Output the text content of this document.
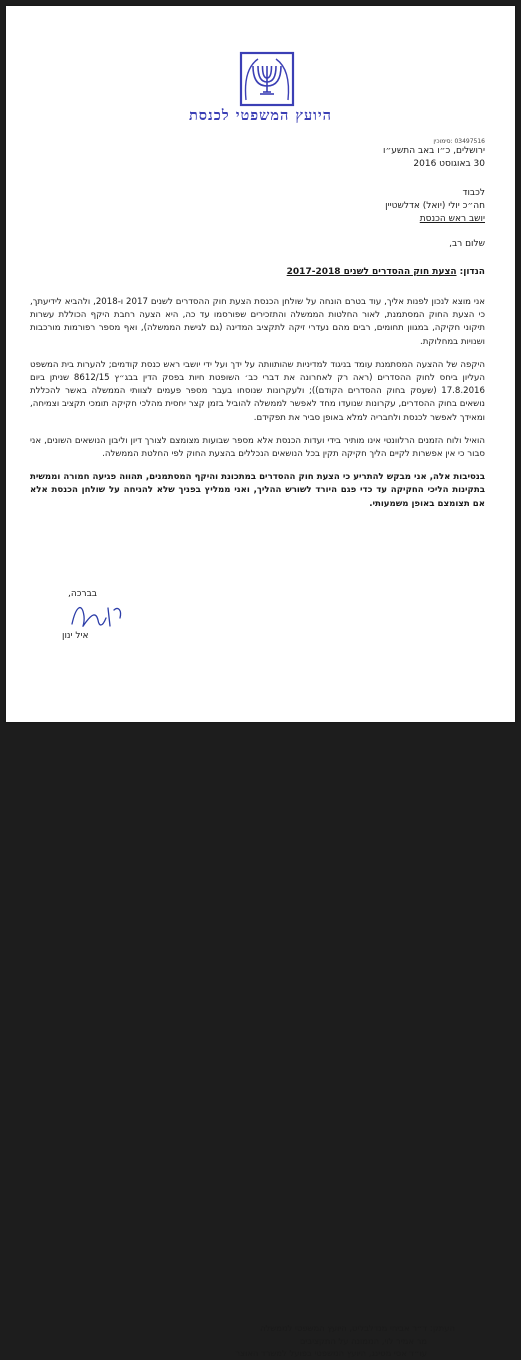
היועץ המשפטי לכנסת
03497516 :סימוכין
ירושלים, כ״ו באב התשע״ו
30 באוגוסט 2016
לכבוד
חה״כ יולי (יואל) אדלשטיין
יושב ראש הכנסת
שלום רב,
הנדון: הצעת חוק ההסדרים לשנים 2017-2018

אני מוצא לנכון לפנות אליך, עוד בטרם הונחה על שולחן הכנסת הצעת חוק ההסדרים לשנים 2017 ו-2018, ולהביא לידיעתך, כי הצעת החוק המסתמנת, לאור החלטות הממשלה והתזכירים שפורסמו עד כה, היא הצעה רחבת היקף הכוללת עשרות תיקוני חקיקה, במגוון תחומים, רבים מהם נעדרי זיקה לתקציב המדינה (גם לגישת הממשלה), ואף מספר רפורמות מורכבות ושנויות במחלוקת.

היקפה של ההצעה המסתמנת עומד בניגוד למדיניות שהותוותה על ידך ועל ידי יושבי ראש כנסת קודמים; להערות בית המשפט העליון ביחס לחוק ההסדרים (ראה רק לאחרונה את דברי כב׳ השופטת חיות בפסק הדין בבג״ץ 8612/15 שניתן ביום 17.8.2016 (שעסק בחוק ההסדרים הקודם)); ולעקרונות שנוסחו בעבר מספר פעמים לצוותי הממשלה באשר להכללת נושאים בחוק ההסדרים, עקרונות שנועדו מחד לאפשר לממשלה להוביל בזמן קצר יחסית מהלכי חקיקה תומכי תקציב וצמיחה, ומאידך לאפשר לכנסת ולחבריה למלא באופן סביר את תפקידם.

הואיל ולוח הזמנים הרלוונטי אינו מותיר בידי ועדות הכנסת אלא מספר שבועות מצומצם לצורך דיון וליבון הנושאים השונים, אני סבור כי אין אפשרות לקיים הליך חקיקה תקין בכל הנושאים הנכללים בהצעת החוק לפי החלטת הממשלה.

בנסיבות אלה, אני מבקש להתריע כי הצעת חוק ההסדרים במתכונת והיקף המסתמנים, תהווה פגיעה חמורה וממשית בתקינות הליכי החקיקה עד כדי פגם היורד לשורש ההליך, ואני ממליץ בפניך שלא להניחה על שולחן הכנסת אלא אם תצומצם באופן משמעותי.

בברכה,
איל ינון
העתק:
ד״ר אביחי מנדלבליט, היועץ המשפטי לממשלה
מר אמיר לוי, הממונה על התקציבים
עו״ד אסי מסינג, היועץ המשפטי בפועל למשרד האוצר
